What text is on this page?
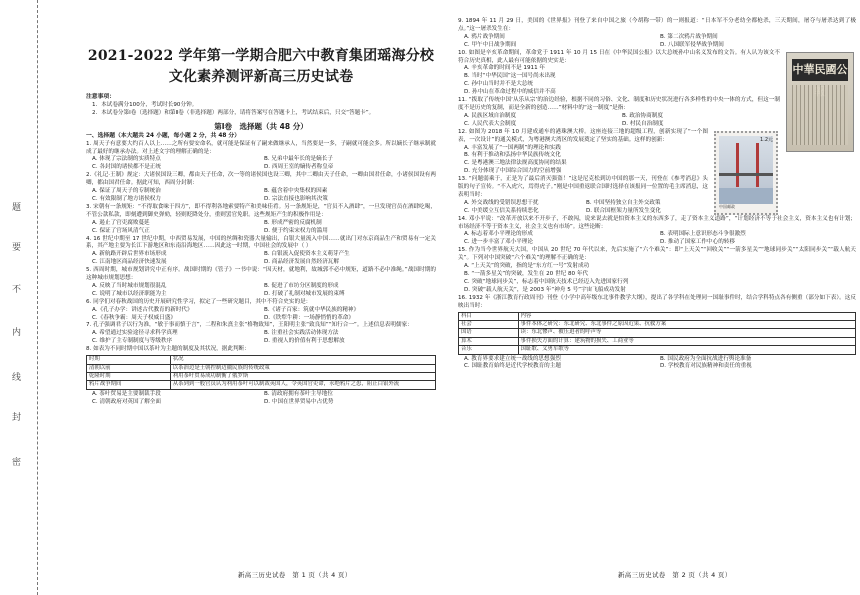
题
要
不
内
线
封
密
2021-2022 学年第一学期合肥六中教育集团瑶海分校
文化素养测评新高三历史试卷
注意事项：

1．本试卷满分100分，考试时长90分钟。

2．本试卷分第Ⅰ卷（选择题）和第Ⅱ卷（非选择题）两部分，请将答案写在答题卡上，考试结束后，只交“答题卡”。

第Ⅰ卷　选择题（共 48 分）
一、选择题（本大题共 24 小题，每小题 2 分，共 48 分）
1. 周天子有意要大约百人以上……之所有要安命名，就可能是保证有了嗣来做继承人，当然要是一多，子嗣就可能会多。所以嫡长子继承制就成了最好的继承办法。对上述文字的理解正确的是：
A. 体现了宗法制的实质特点	B. 兄弟中最年长的是嫡长子
C. 各封国的诸侯都不是正统	D. 西周王室的嫡传者称皇帝
2.《礼记·王制》规定：大诸侯国设三卿，都由天子任命，次一等的诸侯国也设三卿，其中二卿由天子任命，一卿由国君任命，小诸侯国设有两卿，都由国君任命。据此可知，西周分封制：
A. 保证了周天子的专制统治	B. 蕴含着中央集权的因素
C. 有效限制了地方诸侯权力	D. 宗法直接也影响其决策
3. 宋朝有一条规矩：“不得取食味于四方”，即不得利各地索要特产和美味佳肴。另一条规矩是，“官员不入酒肆”，一旦发现官员在酒肆吃喝，不管公款私款，即刻遭到御史弹劾，轻则贬降处分，重则罢官免职。这些规矩产生的积极作用是：
A. 遏止了官吏腐败蔓延	B. 形成严密的反腐机制
C. 保证了官场风清气正	D. 便于约束宋权力的滥用
4. 16 世纪中期至 17 世纪中期，中西贸易发展，中国的丝绸和瓷器大量输出，白银大量流入中国……就出门对东京商品生产和贸易有一定关系，其产地主要为长江下游地区和东南沿海地区……因此这一时期，中国社会的发展中（ ）
A. 新航路开辟后世界市场形成	B. 白银流入促使资本主义萌芽产生
C. 江南地区商品经济快速发展	D. 商品经济发展自然经济瓦解
5. 西周时期，城市规划讲究中正有序。战国时期的《管子》一书中说：“因天材，就地利，故城郭不必中规矩，道路不必中准绳。”战国时期的这种城市规划思想：
A. 反映了当时城市规划很混乱	B. 促进了市坊分区制度的形成
C. 说明了城市以经济职能为主	D. 打破了礼制对城市发展的束缚
6. 同学们对春秋战国的历史开展研究性学习，拟定了一些研究题目，其中不符合史实的是：
A.《孔子办学：讲述古代教育的新时代》	B.《诸子百家：筑就中华民族的精神》
C.《春秋争霸：周天子权威日盛》	D.《铁犁牛耕：一场静悄悄的革命》
7. 孔子强调君子以行为准，“敏于事而慎于言”，二程和朱熹主张“格物致知”，王阳明主张“致良知”“知行合一”。上述信息表明儒家：
A. 希望通过实验途径寻求科学真理	B. 注重社会实践活动体现方法
C. 维护了主专制制度与等级秩序	D. 重视人的价值有利于思想解放
8. 如表为不同时期中国以茶叶为主题的制度及其状况，据此判断：
时期	状况
清朝以前	以茶治边是王朝控制边疆民族的传统政策
乾隆时期	利用茶叶贸易成功制衡了俄罗斯
鸦片战争期间	从茶到到一般官员认为利用茶叶可以制裁英国人，令英国官吏命，永绝鸦片之患，阻止白银外流
A. 茶叶贸易是主要制裁手段	B. 清政府拥有茶叶主导地位
C. 清朝政府对英国了解全面	D. 中国在世界贸易中占优势
新高三历史试卷　第 1 页（共 4 页）
9. 1894 年 11 月 29 日，美国的《世界报》刊登了来自中国之旅（今胡称一带）的一则报道：“日本军不分老幼全都枪杀，三天期间，屠夺与屠杀达到了极点。”这一屠杀发生在：
A. 鸦片战争期间	B. 第二次鸦片战争期间
C. 甲午中日战争期间	D. 八国联军侵华战争期间
中華民國公
10. 如图是辛亥革命期间，革命党于 1911 年 10 月 15 日在《中华民国公报》以大总统孙中山名义发布的文告。有人认为该文不符合历史真相，此人最有可能依据的史实是：
A. 辛亥革命的时间不是 1911 年
B. 当时“中华民国”这一国号尚未出现
C. 孙中山当时并不是大总统
D. 孙中山在革命过程中的威信并不高
11. “拨取了传统中国‘从乐从宗’的治边经验，根据不同的习俗、文化、制度和历史状况进行各多样性的中央一体的方式，但这一制度不是历史的复制，而是全新的创造……”材料中的“这一制度”是指：
A. 民族区域自治制度	B. 政治协商制度
C. 人民代表大会制度	D. 村民自治制度
1.2元
中国邮政
12. 如图为 2018 年 10 月建成通车的港珠澳大桥。这座连接三地的超级工程，创新实现了“一个图表，一次设计”的通关模式，为粤港澳大湾区的发展奠定了坚实的基础。这样的创新：
A. 丰富发展了“一国两制”的理论和实践
B. 有利于推动和弘扬中华民族传统文化
C. 是粤港澳三地法律法规高度协同的结果
D. 充分体现了中国综合国力的空前增强
13. “问题弱乘于，正是为了最后消灭强盗！”这是尼克松到访中国的那一天，刊登在《参考消息》头版的句子宣传。“不入虎穴，焉得虎子。”刚是中国重返联合国时选择在该报同一位置的毛主席消息，这表明当时：
A. 外交战线的受错误思想干扰	B. 中国坚持独立自主外交政策
C. 中美缓立互信关系持续恶化	D. 联合国框架力量所发生变化
14. 邓小平说：“改革开放以来不开步子，不敢闯，说来说去就是怕资本主义的东西多了，走了资本主义道路”，“计划经济不等于社会主义，资本主义也有计划；市场经济不等于资本主义，社会主义也有市场”。这些论断：
A. 标志着邓小平理论的形成	B. 表明国际上意识形态斗争很激烈
C. 进一步丰富了邓小平理论	D. 推动了国家工作中心的转移
15. 作为当今世界航天大国，中国从 20 世纪 70 年代以来，先后实施了“六个难关”：即“上天关”“回收关”“一箭多星关”“地球同步关”“太阳同步关”“载人航天关”。下列对中国突破“六个难关”的理解不正确的是：
A. “上天关”的突破，指的是“东方红一号”发射成功
B. “一箭多星关”的突破，发生在 20 世纪 80 年代
C. 突破“地球同步关”，标志着中国航天技术已经迈入先进国家行列
D. 突破“载人航天关”，是 2003 年“神舟 5 号”宇宙飞船成功发射
16. 1932 年《浙江教育行政周刊》刊登《小学中高年级东北事件教学大纲》，提出了各学科在处理同一国耻事件时，结合学科特点各有侧重（部分如下表）。这反映出当时：
科目	内容
社会	事件本体之研究：东北研究、东北事件之原因近果、抗救方案
国语	读：东北惨声、被压迫者的呼声等
算术	事件损失方面的计算：建筑物的损失、工商业等
音乐	国耻歌、义勇军歌等
A. 教育界要求建立统一战线的思想强烈	B. 国民政府为全面抗战进行舆论准备
C. 国耻教育始终是近代学校教育的主题	D. 学校教育对民族精神和责任的重视
新高三历史试卷　第 2 页（共 4 页）
